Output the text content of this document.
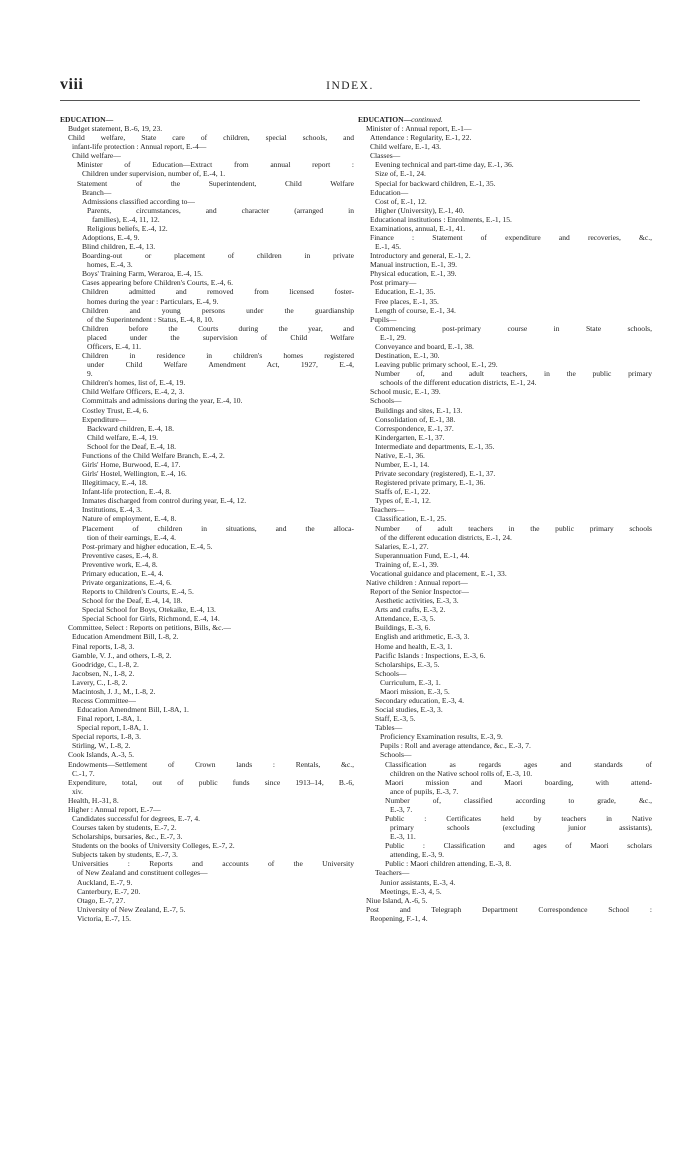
viii	INDEX.
EDUCATION—
Budget statement, B.-6, 19, 23.
Child welfare, State care of children, special schools, and
infant-life protection : Annual report, E.-4—
Child welfare—
Minister of Education—Extract from annual report :
Children under supervision, number of, E.-4, 1.
Statement of the Superintendent, Child Welfare
Branch—
Admissions classified according to—
Parents, circumstances, and character (arranged in
families), E.-4, 11, 12.
Religious beliefs, E.-4, 12.
Adoptions, E.-4, 9.
Blind children, E.-4, 13.
Boarding-out or placement of children in private
homes, E.-4, 3.
Boys' Training Farm, Weraroa, E.-4, 15.
Cases appearing before Children's Courts, E.-4, 6.
Children admitted and removed from licensed foster-
homes during the year : Particulars, E.-4, 9.
Children and young persons under the guardianship
of the Superintendent : Status, E.-4, 8, 10.
Children before the Courts during the year, and
placed under the supervision of Child Welfare
Officers, E.-4, 11.
Children in residence in children's homes registered
under Child Welfare Amendment Act, 1927, E.-4,
9.
Children's homes, list of, E.-4, 19.
Child Welfare Officers, E.-4, 2, 3.
Committals and admissions during the year, E.-4, 10.
Costley Trust, E.-4, 6.
Expenditure—
Backward children, E.-4, 18.
Child welfare, E.-4, 19.
School for the Deaf, E.-4, 18.
Functions of the Child Welfare Branch, E.-4, 2.
Girls' Home, Burwood, E.-4, 17.
Girls' Hostel, Wellington, E.-4, 16.
Illegitimacy, E.-4, 18.
Infant-life protection, E.-4, 8.
Inmates discharged from control during year, E.-4, 12.
Institutions, E.-4, 3.
Nature of employment, E.-4, 8.
Placement of children in situations, and the alloca-
tion of their earnings, E.-4, 4.
Post-primary and higher education, E.-4, 5.
Preventive cases, E.-4, 8.
Preventive work, E.-4, 8.
Primary education, E.-4, 4.
Private organizations, E.-4, 6.
Reports to Children's Courts, E.-4, 5.
School for the Deaf, E.-4, 14, 18.
Special School for Boys, Otekaike, E.-4, 13.
Special School for Girls, Richmond, E.-4, 14.
Committee, Select : Reports on petitions, Bills, &c.—
Education Amendment Bill, I.-8, 2.
Final reports, I.-8, 3.
Gamble, V. J., and others, I.-8, 2.
Goodridge, C., I.-8, 2.
Jacobsen, N., I.-8, 2.
Lavery, C., I.-8, 2.
Macintosh, J. J., M., I.-8, 2.
Recess Committee—
Education Amendment Bill, I.-8A, 1.
Final report, I.-8A, 1.
Special report, I.-8A, 1.
Special reports, I.-8, 3.
Stirling, W., I.-8, 2.
Cook Islands, A.-3, 5.
Endowments—Settlement of Crown lands : Rentals, &c.,
C.-1, 7.
Expenditure, total, out of public funds since 1913–14, B.-6,
xiv.
Health, H.-31, 8.
Higher : Annual report, E.-7—
Candidates successful for degrees, E.-7, 4.
Courses taken by students, E.-7, 2.
Scholarships, bursaries, &c., E.-7, 3.
Students on the books of University Colleges, E.-7, 2.
Subjects taken by students, E.-7, 3.
Universities : Reports and accounts of the University
of New Zealand and constituent colleges—
Auckland, E.-7, 9.
Canterbury, E.-7, 20.
Otago, E.-7, 27.
University of New Zealand, E.-7, 5.
Victoria, E.-7, 15.
EDUCATION—continued.
Minister of : Annual report, E.-1—
Attendance : Regularity, E.-1, 22.
Child welfare, E.-1, 43.
Classes—
Evening technical and part-time day, E.-1, 36.
Size of, E.-1, 24.
Special for backward children, E.-1, 35.
Education—
Cost of, E.-1, 12.
Higher (University), E.-1, 40.
Educational institutions : Enrolments, E.-1, 15.
Examinations, annual, E.-1, 41.
Finance : Statement of expenditure and recoveries, &c.,
E.-1, 45.
Introductory and general, E.-1, 2.
Manual instruction, E.-1, 39.
Physical education, E.-1, 39.
Post primary—
Education, E.-1, 35.
Free places, E.-1, 35.
Length of course, E.-1, 34.
Pupils—
Commencing post-primary course in State schools,
E.-1, 29.
Conveyance and board, E.-1, 38.
Destination, E.-1, 30.
Leaving public primary school, E.-1, 29.
Number of, and adult teachers, in the public primary
schools of the different education districts, E.-1, 24.
School music, E.-1, 39.
Schools—
Buildings and sites, E.-1, 13.
Consolidation of, E.-1, 38.
Correspondence, E.-1, 37.
Kindergarten, E.-1, 37.
Intermediate and departments, E.-1, 35.
Native, E.-1, 36.
Number, E.-1, 14.
Private secondary (registered), E.-1, 37.
Registered private primary, E.-1, 36.
Staffs of, E.-1, 22.
Types of, E.-1, 12.
Teachers—
Classification, E.-1, 25.
Number of adult teachers in the public primary schools
of the different education districts, E.-1, 24.
Salaries, E.-1, 27.
Superannuation Fund, E.-1, 44.
Training of, E.-1, 39.
Vocational guidance and placement, E.-1, 33.
Native children : Annual report—
Report of the Senior Inspector—
Aesthetic activities, E.-3, 3.
Arts and crafts, E.-3, 2.
Attendance, E.-3, 5.
Buildings, E.-3, 6.
English and arithmetic, E.-3, 3.
Home and health, E.-3, 1.
Pacific Islands : Inspections, E.-3, 6.
Scholarships, E.-3, 5.
Schools—
Curriculum, E.-3, 1.
Maori mission, E.-3, 5.
Secondary education, E.-3, 4.
Social studies, E.-3, 3.
Staff, E.-3, 5.
Tables—
Proficiency Examination results, E.-3, 9.
Pupils : Roll and average attendance, &c., E.-3, 7.
Schools—
Classification as regards ages and standards of
children on the Native school rolls of, E.-3, 10.
Maori mission and Maori boarding, with attend-
ance of pupils, E.-3, 7.
Number of, classified according to grade, &c.,
E.-3, 7.
Public : Certificates held by teachers in Native
primary schools (excluding junior assistants),
E.-3, 11.
Public : Classification and ages of Maori scholars
attending, E.-3, 9.
Public : Maori children attending, E.-3, 8.
Teachers—
Junior assistants, E.-3, 4.
Meetings, E.-3, 4, 5.
Niue Island, A.-6, 5.
Post and Telegraph Department Correspondence School :
Reopening, F.-1, 4.
